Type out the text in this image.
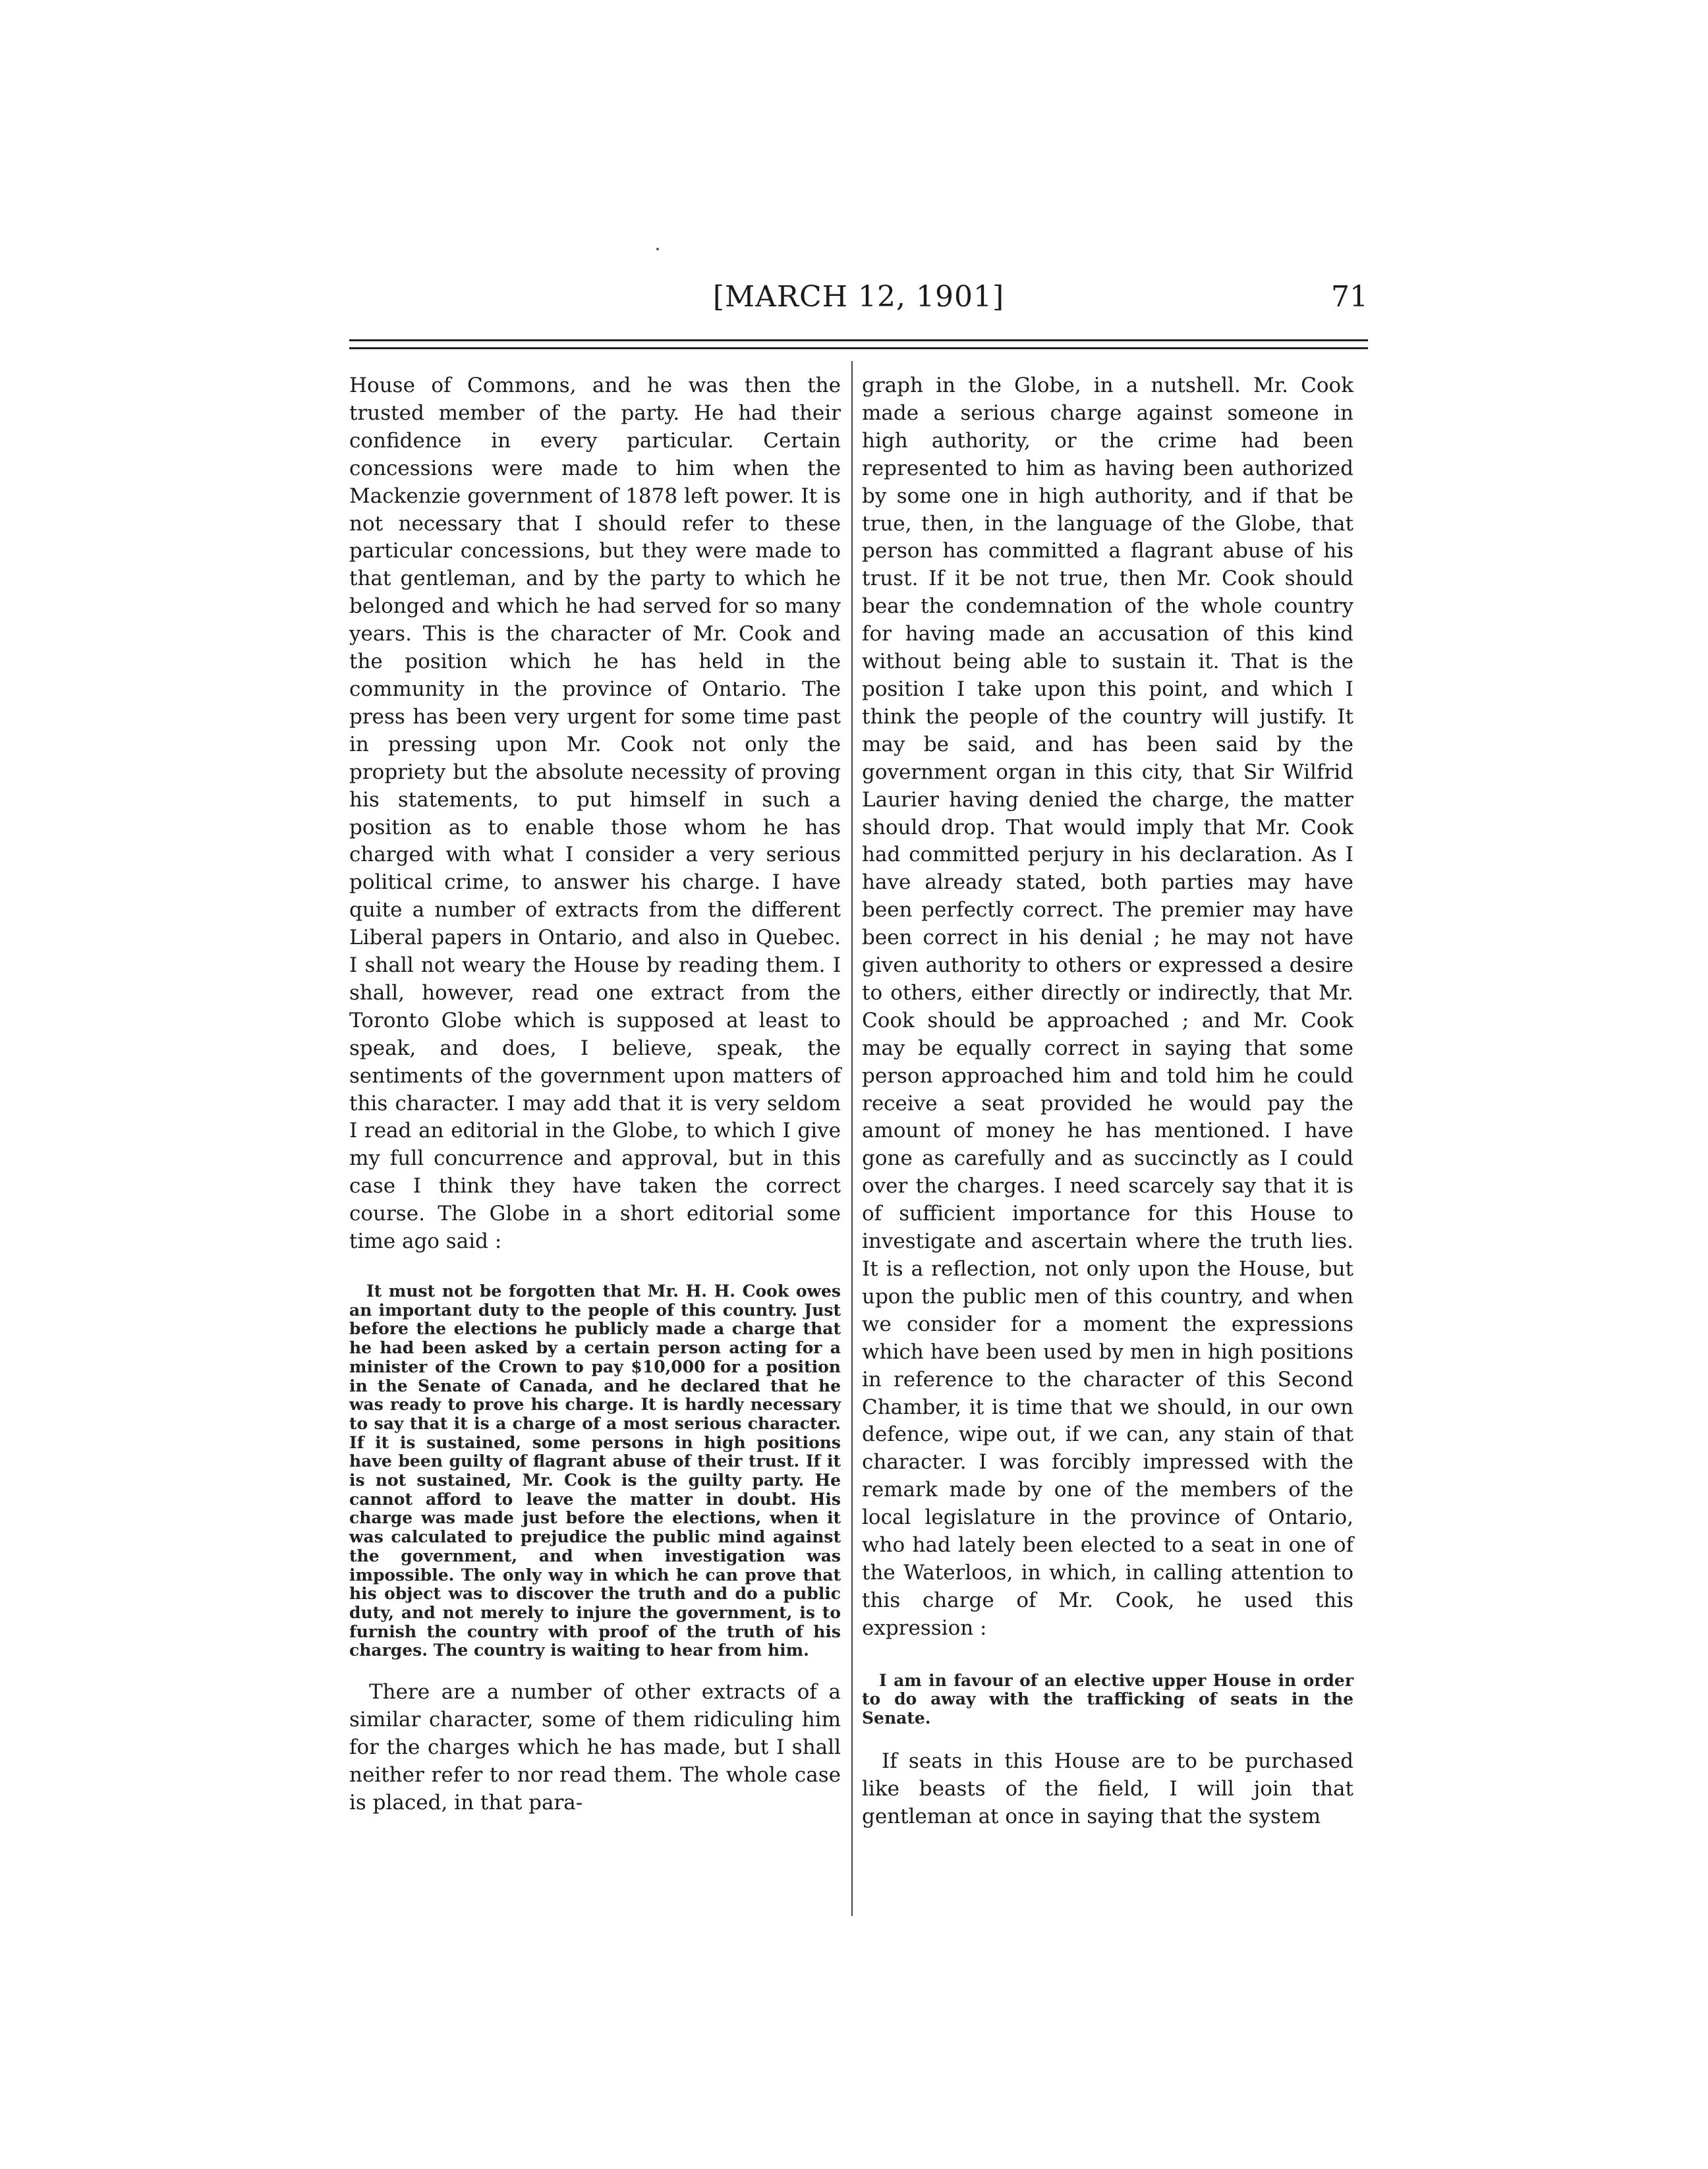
[MARCH 12, 1901]	71

House of Commons, and he was then the trusted member of the party. He had their confidence in every particular. Certain concessions were made to him when the Mackenzie government of 1878 left power. It is not necessary that I should refer to these particular concessions, but they were made to that gentleman, and by the party to which he belonged and which he had served for so many years. This is the character of Mr. Cook and the position which he has held in the community in the province of Ontario. The press has been very urgent for some time past in pressing upon Mr. Cook not only the propriety but the absolute necessity of proving his statements, to put himself in such a position as to enable those whom he has charged with what I consider a very serious political crime, to answer his charge. I have quite a number of extracts from the different Liberal papers in Ontario, and also in Quebec. I shall not weary the House by reading them. I shall, however, read one extract from the Toronto Globe which is supposed at least to speak, and does, I believe, speak, the sentiments of the government upon matters of this character. I may add that it is very seldom I read an editorial in the Globe, to which I give my full concurrence and approval, but in this case I think they have taken the correct course. The Globe in a short editorial some time ago said :

It must not be forgotten that Mr. H. H. Cook owes an important duty to the people of this country. Just before the elections he publicly made a charge that he had been asked by a certain person acting for a minister of the Crown to pay $10,000 for a position in the Senate of Canada, and he declared that he was ready to prove his charge. It is hardly necessary to say that it is a charge of a most serious character. If it is sustained, some persons in high positions have been guilty of flagrant abuse of their trust. If it is not sustained, Mr. Cook is the guilty party. He cannot afford to leave the matter in doubt. His charge was made just before the elections, when it was calculated to prejudice the public mind against the government, and when investigation was impossible. The only way in which he can prove that his object was to discover the truth and do a public duty, and not merely to injure the government, is to furnish the country with proof of the truth of his charges. The country is waiting to hear from him.

There are a number of other extracts of a similar character, some of them ridiculing him for the charges which he has made, but I shall neither refer to nor read them. The whole case is placed, in that para-

graph in the Globe, in a nutshell. Mr. Cook made a serious charge against someone in high authority, or the crime had been represented to him as having been authorized by some one in high authority, and if that be true, then, in the language of the Globe, that person has committed a flagrant abuse of his trust. If it be not true, then Mr. Cook should bear the condemnation of the whole country for having made an accusation of this kind without being able to sustain it. That is the position I take upon this point, and which I think the people of the country will justify. It may be said, and has been said by the government organ in this city, that Sir Wilfrid Laurier having denied the charge, the matter should drop. That would imply that Mr. Cook had committed perjury in his declaration. As I have already stated, both parties may have been perfectly correct. The premier may have been correct in his denial ; he may not have given authority to others or expressed a desire to others, either directly or indirectly, that Mr. Cook should be approached ; and Mr. Cook may be equally correct in saying that some person approached him and told him he could receive a seat provided he would pay the amount of money he has mentioned. I have gone as carefully and as succinctly as I could over the charges. I need scarcely say that it is of sufficient importance for this House to investigate and ascertain where the truth lies. It is a reflection, not only upon the House, but upon the public men of this country, and when we consider for a moment the expressions which have been used by men in high positions in reference to the character of this Second Chamber, it is time that we should, in our own defence, wipe out, if we can, any stain of that character. I was forcibly impressed with the remark made by one of the members of the local legislature in the province of Ontario, who had lately been elected to a seat in one of the Waterloos, in which, in calling attention to this charge of Mr. Cook, he used this expression :

I am in favour of an elective upper House in order to do away with the trafficking of seats in the Senate.

If seats in this House are to be purchased like beasts of the field, I will join that gentleman at once in saying that the system
